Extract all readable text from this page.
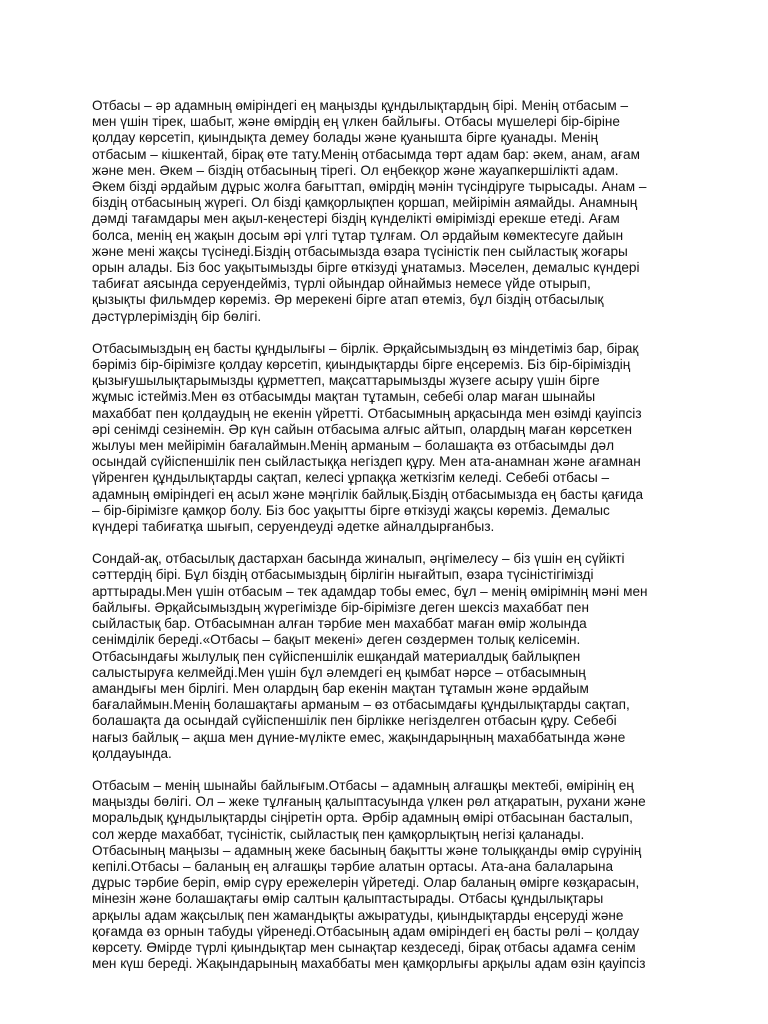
Отбасы – әр адамның өміріндегі ең маңызды құндылықтардың бірі. Менің отбасым –
мен үшін тірек, шабыт, және өмірдің ең үлкен байлығы. Отбасы мүшелері бір-біріне
қолдау көрсетіп, қиындықта демеу болады және қуанышта бірге қуанады. Менің
отбасым – кішкентай, бірақ өте тату.Менің отбасымда төрт адам бар: әкем, анам, ағам
және мен. Әкем – біздің отбасының тірегі. Ол еңбекқор және жауапкершілікті адам.
Әкем бізді әрдайым дұрыс жолға бағыттап, өмірдің мәнін түсіндіруге тырысады. Анам –
біздің отбасының жүрегі. Ол бізді қамқорлықпен қоршап, мейірімін аямайды. Анамның
дәмді тағамдары мен ақыл-кеңестері біздің күнделікті өмірімізді ерекше етеді. Ағам
болса, менің ең жақын досым әрі үлгі тұтар тұлғам. Ол әрдайым көмектесуге дайын
және мені жақсы түсінеді.Біздің отбасымызда өзара түсіністік пен сыйластық жоғары
орын алады. Біз бос уақытымызды бірге өткізуді ұнатамыз. Мәселен, демалыс күндері
табиғат аясында серуендейміз, түрлі ойындар ойнаймыз немесе үйде отырып,
қызықты фильмдер көреміз. Әр мерекені бірге атап өтеміз, бұл біздің отбасылық
дәстүрлеріміздің бір бөлігі.

Отбасымыздың ең басты құндылығы – бірлік. Әрқайсымыздың өз міндетіміз бар, бірақ
бәріміз бір-бірімізге қолдау көрсетіп, қиындықтарды бірге еңсереміз. Біз бір-біріміздің
қызығушылықтарымызды құрметтеп, мақсаттарымызды жүзеге асыру үшін бірге
жұмыс істейміз.Мен өз отбасымды мақтан тұтамын, себебі олар маған шынайы
махаббат пен қолдаудың не екенін үйретті. Отбасымның арқасында мен өзімді қауіпсіз
әрі сенімді сезінемін. Әр күн сайын отбасыма алғыс айтып, олардың маған көрсеткен
жылуы мен мейірімін бағалаймын.Менің арманым – болашақта өз отбасымды дәл
осындай сүйіспеншілік пен сыйластыққа негіздеп құру. Мен ата-анамнан және ағамнан
үйренген құндылықтарды сақтап, келесі ұрпаққа жеткізгім келеді. Себебі отбасы –
адамның өміріндегі ең асыл және мәңгілік байлық.Біздің отбасымызда ең басты қағида
– бір-бірімізге қамқор болу. Біз бос уақытты бірге өткізуді жақсы көреміз. Демалыс
күндері табиғатқа шығып, серуендеуді әдетке айналдырғанбыз.

Сондай-ақ, отбасылық дастархан басында жиналып, әңгімелесу – біз үшін ең сүйікті
сәттердің бірі. Бұл біздің отбасымыздың бірлігін нығайтып, өзара түсіністігімізді
арттырады.Мен үшін отбасым – тек адамдар тобы емес, бұл – менің өмірімнің мәні мен
байлығы. Әрқайсымыздың жүрегімізде бір-бірімізге деген шексіз махаббат пен
сыйластық бар. Отбасымнан алған тәрбие мен махаббат маған өмір жолында
сенімділік береді.«Отбасы – бақыт мекені» деген сөздермен толық келісемін.
Отбасындағы жылулық пен сүйіспеншілік ешқандай материалдық байлықпен
салыстыруға келмейді.Мен үшін бұл әлемдегі ең қымбат нәрсе – отбасымның
амандығы мен бірлігі. Мен олардың бар екенін мақтан тұтамын және әрдайым
бағалаймын.Менің болашақтағы арманым – өз отбасымдағы құндылықтарды сақтап,
болашақта да осындай сүйіспеншілік пен бірлікке негізделген отбасын құру. Себебі
нағыз байлық – ақша мен дүние-мүлікте емес, жақындарыңның махаббатында және
қолдауында.

Отбасым – менің шынайы байлығым.Отбасы – адамның алғашқы мектебі, өмірінің ең
маңызды бөлігі. Ол – жеке тұлғаның қалыптасуында үлкен рөл атқаратын, рухани және
моральдық құндылықтарды сіңіретін орта. Әрбір адамның өмірі отбасынан басталып,
сол жерде махаббат, түсіністік, сыйластық пен қамқорлықтың негізі қаланады.
Отбасының маңызы – адамның жеке басының бақытты және толыққанды өмір сүруінің
кепілі.Отбасы – баланың ең алғашқы тәрбие алатын ортасы. Ата-ана балаларына
дұрыс тәрбие беріп, өмір сүру ережелерін үйретеді. Олар баланың өмірге көзқарасын,
мінезін және болашақтағы өмір салтын қалыптастырады. Отбасы құндылықтары
арқылы адам жақсылық пен жамандықты ажыратуды, қиындықтарды еңсеруді және
қоғамда өз орнын табуды үйренеді.Отбасының адам өміріндегі ең басты рөлі – қолдау
көрсету. Өмірде түрлі қиындықтар мен сынақтар кездеседі, бірақ отбасы адамға сенім
мен күш береді. Жақындарының махаббаты мен қамқорлығы арқылы адам өзін қауіпсіз
